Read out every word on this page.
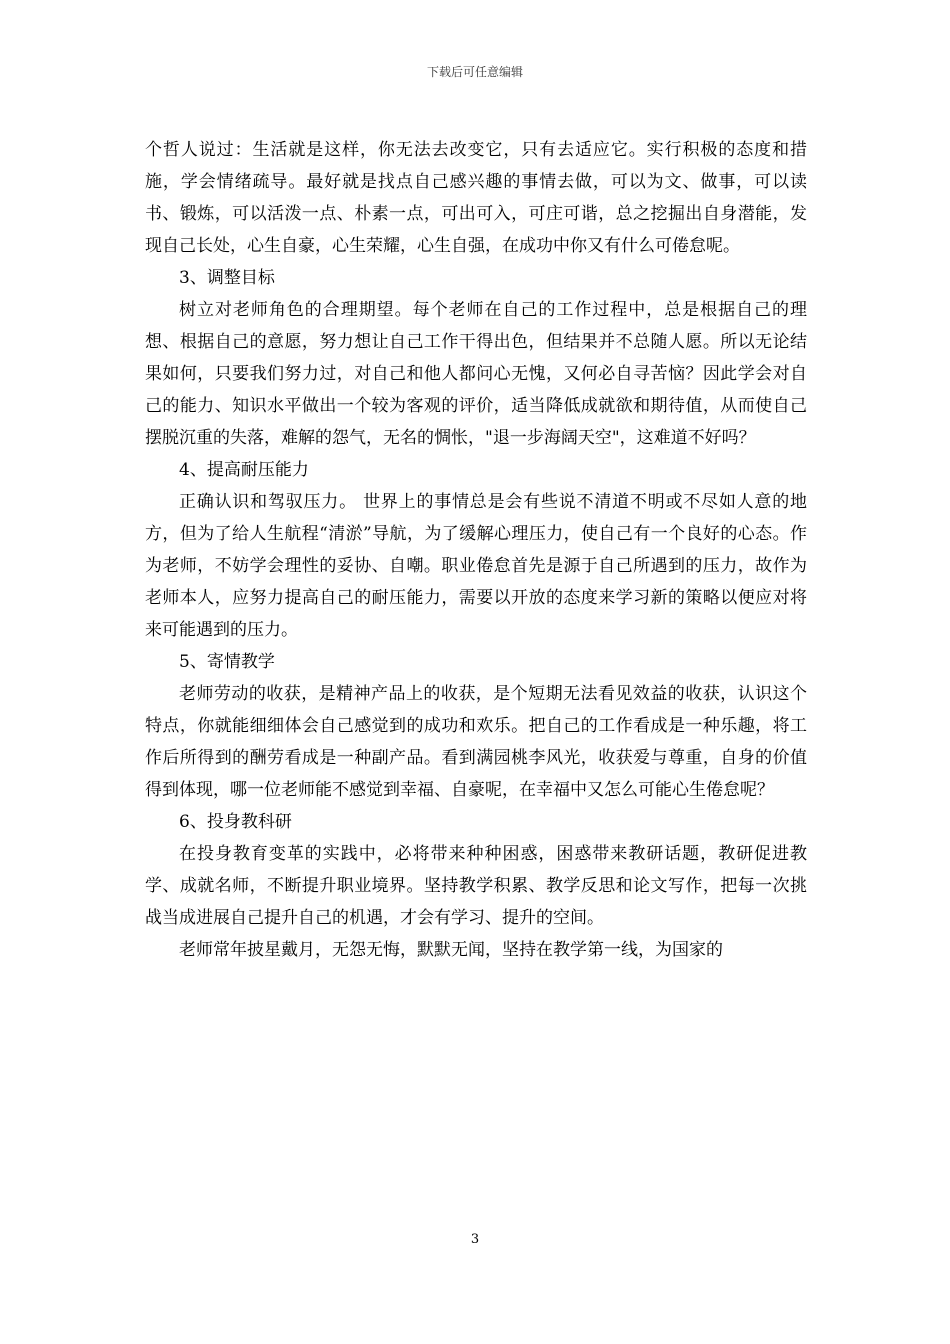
下载后可任意编辑

个哲人说过：生活就是这样，你无法去改变它，只有去适应它。实行积极的态度和措施，学会情绪疏导。最好就是找点自己感兴趣的事情去做，可以为文、做事，可以读书、锻炼，可以活泼一点、朴素一点，可出可入，可庄可谐，总之挖掘出自身潜能，发现自己长处，心生自豪，心生荣耀，心生自强，在成功中你又有什么可倦怠呢。

3、调整目标

树立对老师角色的合理期望。每个老师在自己的工作过程中，总是根据自己的理想、根据自己的意愿，努力想让自己工作干得出色，但结果并不总随人愿。所以无论结果如何，只要我们努力过，对自己和他人都问心无愧，又何必自寻苦恼？因此学会对自己的能力、知识水平做出一个较为客观的评价，适当降低成就欲和期待值，从而使自己摆脱沉重的失落，难解的怨气，无名的惆怅，"退一步海阔天空"，这难道不好吗？

4、提高耐压能力

正确认识和驾驭压力。 世界上的事情总是会有些说不清道不明或不尽如人意的地方，但为了给人生航程“清淤”导航，为了缓解心理压力，使自己有一个良好的心态。作为老师，不妨学会理性的妥协、自嘲。职业倦怠首先是源于自己所遇到的压力，故作为老师本人，应努力提高自己的耐压能力，需要以开放的态度来学习新的策略以便应对将来可能遇到的压力。

5、寄情教学

老师劳动的收获，是精神产品上的收获，是个短期无法看见效益的收获，认识这个特点，你就能细细体会自己感觉到的成功和欢乐。把自己的工作看成是一种乐趣，将工作后所得到的酬劳看成是一种副产品。看到满园桃李风光，收获爱与尊重，自身的价值得到体现，哪一位老师能不感觉到幸福、自豪呢，在幸福中又怎么可能心生倦怠呢？

6、投身教科研

在投身教育变革的实践中，必将带来种种困惑，困惑带来教研话题，教研促进教学、成就名师，不断提升职业境界。坚持教学积累、教学反思和论文写作，把每一次挑战当成进展自己提升自己的机遇，才会有学习、提升的空间。

老师常年披星戴月，无怨无悔，默默无闻，坚持在教学第一线，为国家的

3
